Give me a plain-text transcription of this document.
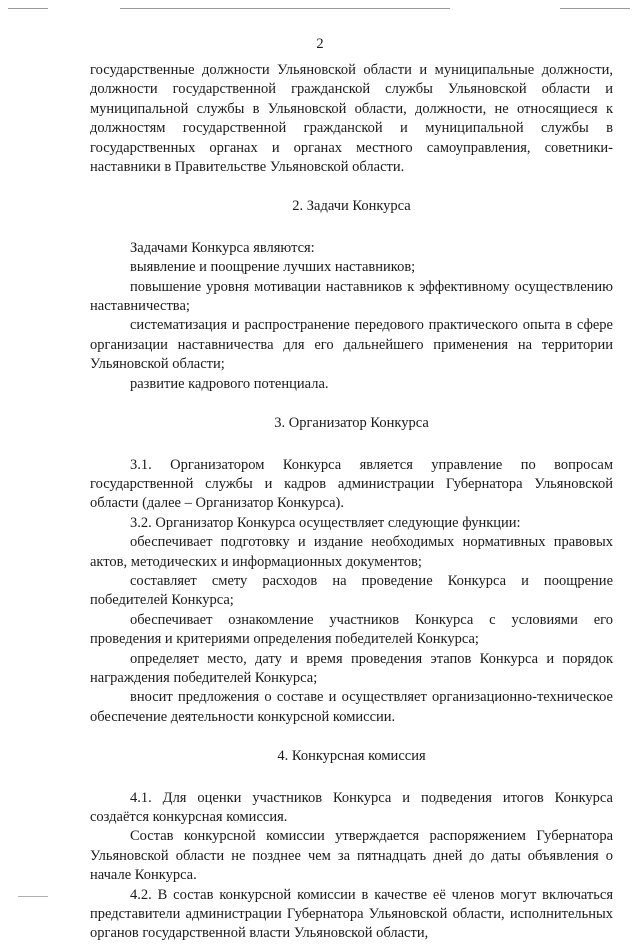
2

государственные должности Ульяновской области и муниципальные должности, должности государственной гражданской службы Ульяновской области и муниципальной службы в Ульяновской области, должности, не относящиеся к должностям государственной гражданской и муниципальной службы в государственных органах и органах местного самоуправления, советники-наставники в Правительстве Ульяновской области.

2. Задачи Конкурса

Задачами Конкурса являются:

выявление и поощрение лучших наставников;

повышение уровня мотивации наставников к эффективному осуществлению наставничества;

систематизация и распространение передового практического опыта в сфере организации наставничества для его дальнейшего применения на территории Ульяновской области;

развитие кадрового потенциала.

3. Организатор Конкурса

3.1. Организатором Конкурса является управление по вопросам государственной службы и кадров администрации Губернатора Ульяновской области (далее – Организатор Конкурса).

3.2. Организатор Конкурса осуществляет следующие функции:

обеспечивает подготовку и издание необходимых нормативных правовых актов, методических и информационных документов;

составляет смету расходов на проведение Конкурса и поощрение победителей Конкурса;

обеспечивает ознакомление участников Конкурса с условиями его проведения и критериями определения победителей Конкурса;

определяет место, дату и время проведения этапов Конкурса и порядок награждения победителей Конкурса;

вносит предложения о составе и осуществляет организационно-техническое обеспечение деятельности конкурсной комиссии.

4. Конкурсная комиссия

4.1. Для оценки участников Конкурса и подведения итогов Конкурса создаётся конкурсная комиссия.

Состав конкурсной комиссии утверждается распоряжением Губернатора Ульяновской области не позднее чем за пятнадцать дней до даты объявления о начале Конкурса.

4.2. В состав конкурсной комиссии в качестве её членов могут включаться представители администрации Губернатора Ульяновской области, исполнительных органов государственной власти Ульяновской области,
